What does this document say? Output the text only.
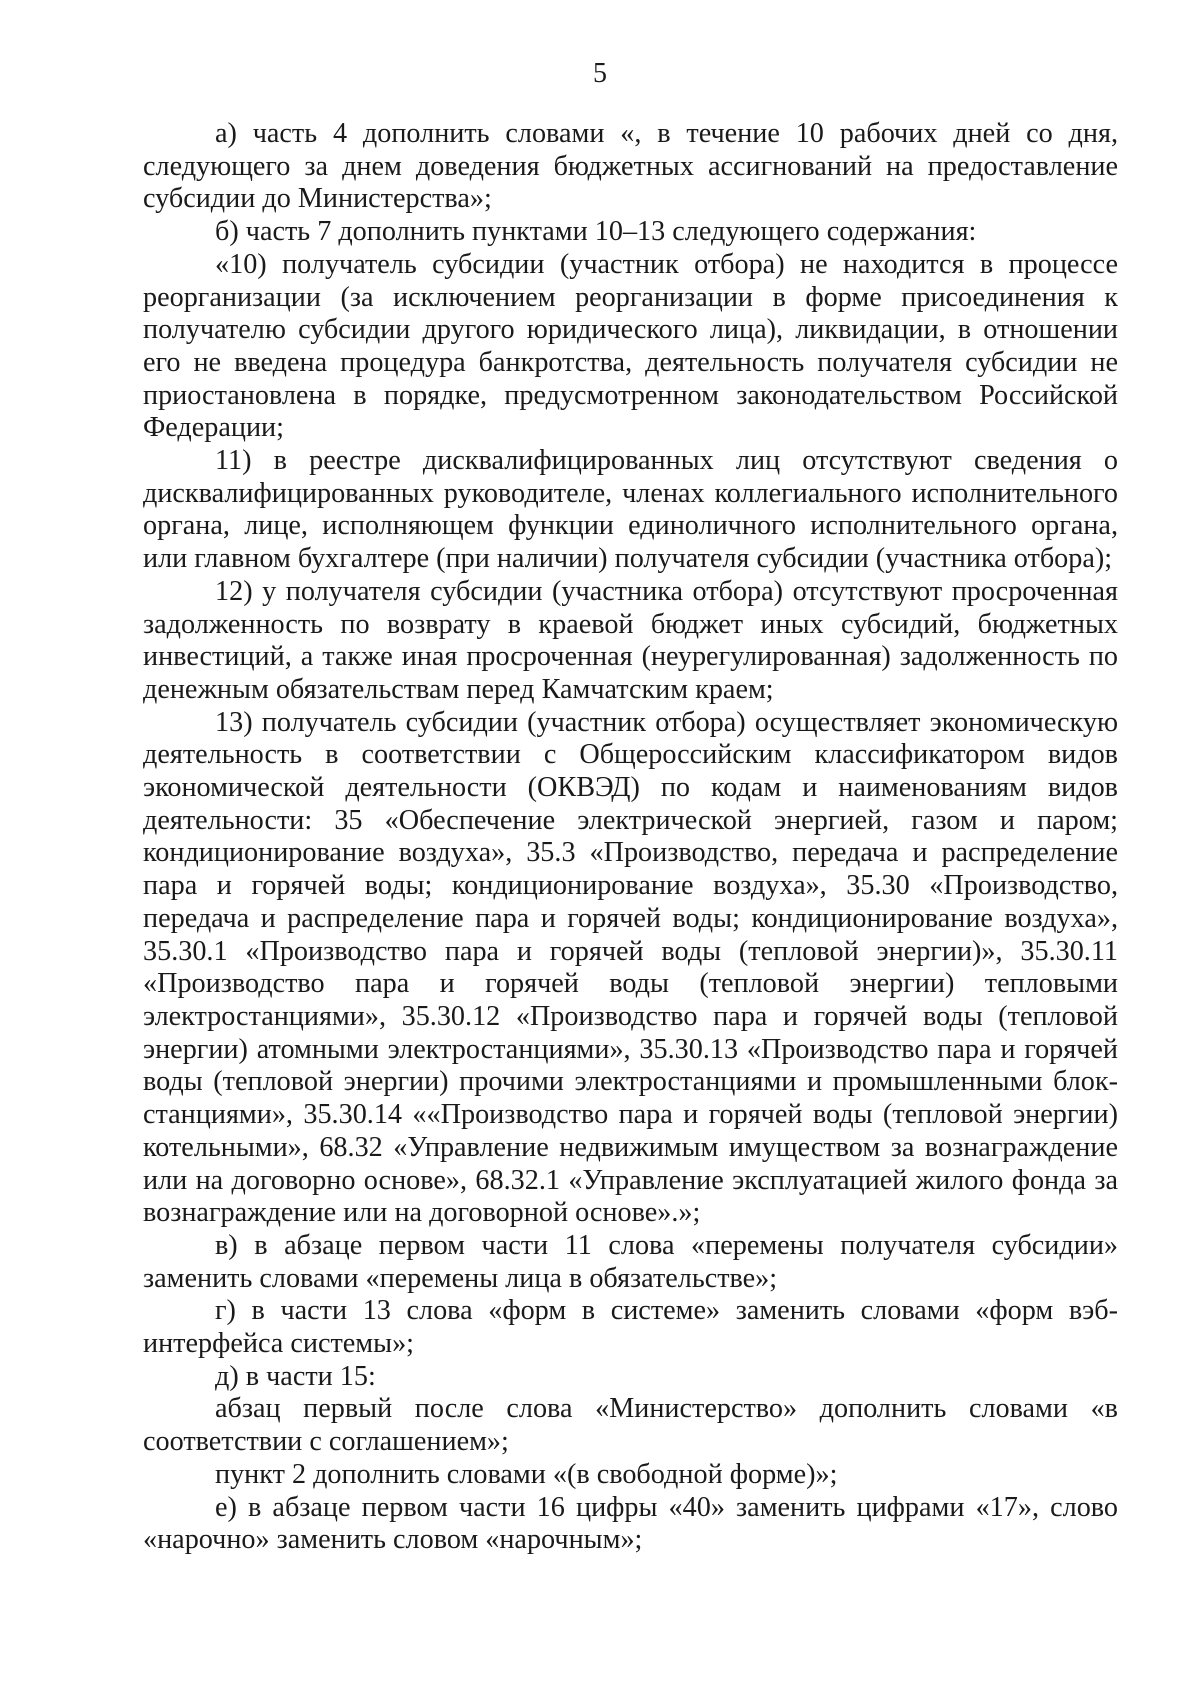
5

а) часть 4 дополнить словами «, в течение 10 рабочих дней со дня, следующего за днем доведения бюджетных ассигнований на предоставление субсидии до Министерства»;

б) часть 7 дополнить пунктами 10–13 следующего содержания:

«10) получатель субсидии (участник отбора) не находится в процессе реорганизации (за исключением реорганизации в форме присоединения к получателю субсидии другого юридического лица), ликвидации, в отношении его не введена процедура банкротства, деятельность получателя субсидии не приостановлена в порядке, предусмотренном законодательством Российской Федерации;

11) в реестре дисквалифицированных лиц отсутствуют сведения о дисквалифицированных руководителе, членах коллегиального исполнительного органа, лице, исполняющем функции единоличного исполнительного органа, или главном бухгалтере (при наличии) получателя субсидии (участника отбора);

12) у получателя субсидии (участника отбора) отсутствуют просроченная задолженность по возврату в краевой бюджет иных субсидий, бюджетных инвестиций, а также иная просроченная (неурегулированная) задолженность по денежным обязательствам перед Камчатским краем;

13) получатель субсидии (участник отбора) осуществляет экономическую деятельность в соответствии с Общероссийским классификатором видов экономической деятельности (ОКВЭД) по кодам и наименованиям видов деятельности: 35 «Обеспечение электрической энергией, газом и паром; кондиционирование воздуха», 35.3 «Производство, передача и распределение пара и горячей воды; кондиционирование воздуха», 35.30 «Производство, передача и распределение пара и горячей воды; кондиционирование воздуха», 35.30.1 «Производство пара и горячей воды (тепловой энергии)», 35.30.11 «Производство пара и горячей воды (тепловой энергии) тепловыми электростанциями», 35.30.12 «Производство пара и горячей воды (тепловой энергии) атомными электростанциями», 35.30.13 «Производство пара и горячей воды (тепловой энергии) прочими электростанциями и промышленными блок-станциями», 35.30.14 ««Производство пара и горячей воды (тепловой энергии) котельными», 68.32 «Управление недвижимым имуществом за вознаграждение или на договорно основе», 68.32.1 «Управление эксплуатацией жилого фонда за вознаграждение или на договорной основе».»;

в) в абзаце первом части 11 слова «перемены получателя субсидии» заменить словами «перемены лица в обязательстве»;

г) в части 13 слова «форм в системе» заменить словами «форм вэб-интерфейса системы»;

д) в части 15:

абзац первый после слова «Министерство» дополнить словами «в соответствии с соглашением»;

пункт 2 дополнить словами «(в свободной форме)»;

е) в абзаце первом части 16 цифры «40» заменить цифрами «17», слово «нарочно» заменить словом «нарочным»;
